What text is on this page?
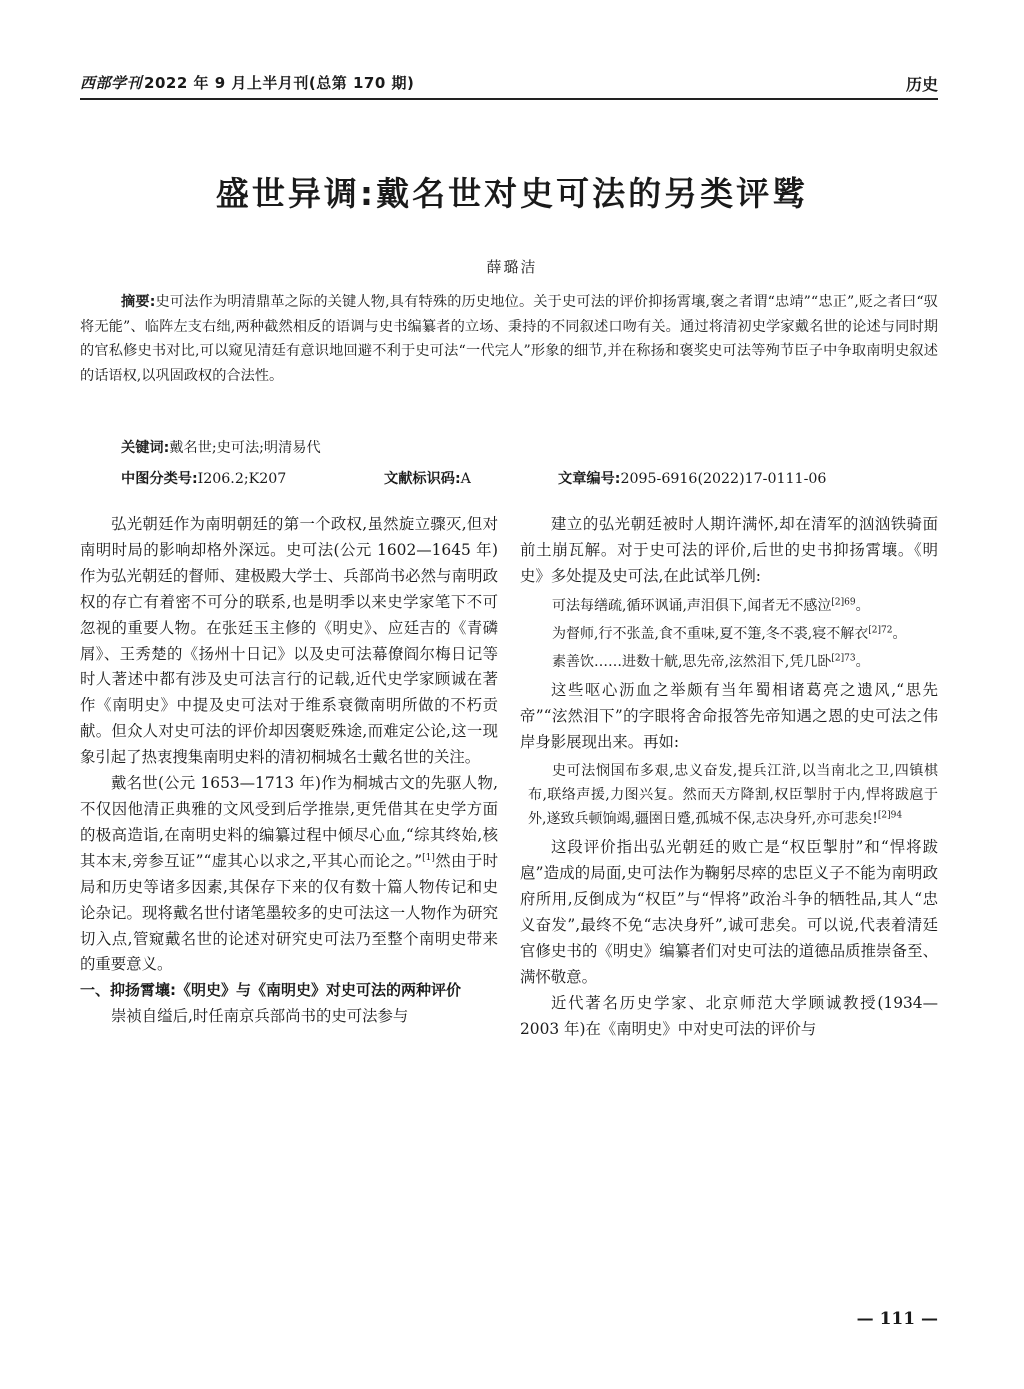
西部学刊 2022 年 9 月上半月刊(总第 170 期)	历史
盛世异调:戴名世对史可法的另类评骘
薛璐洁
摘要:史可法作为明清鼎革之际的关键人物,具有特殊的历史地位。关于史可法的评价抑扬霄壤,褒之者谓“忠靖”“忠正”,贬之者曰“驭将无能”、临阵左支右绌,两种截然相反的语调与史书编纂者的立场、秉持的不同叙述口吻有关。通过将清初史学家戴名世的论述与同时期的官私修史书对比,可以窥见清廷有意识地回避不利于史可法“一代完人”形象的细节,并在称扬和褒奖史可法等殉节臣子中争取南明史叙述的话语权,以巩固政权的合法性。
关键词:戴名世;史可法;明清易代
中图分类号:I206.2;K207	文献标识码:A	文章编号:2095-6916(2022)17-0111-06

弘光朝廷作为南明朝廷的第一个政权,虽然旋立骤灭,但对南明时局的影响却格外深远。史可法(公元 1602—1645 年)作为弘光朝廷的督师、建极殿大学士、兵部尚书必然与南明政权的存亡有着密不可分的联系,也是明季以来史学家笔下不可忽视的重要人物。在张廷玉主修的《明史》、应廷吉的《青磷屑》、王秀楚的《扬州十日记》以及史可法幕僚阎尔梅日记等时人著述中都有涉及史可法言行的记载,近代史学家顾诚在著作《南明史》中提及史可法对于维系衰微南明所做的不朽贡献。但众人对史可法的评价却因褒贬殊途,而难定公论,这一现象引起了热衷搜集南明史料的清初桐城名士戴名世的关注。

戴名世(公元 1653—1713 年)作为桐城古文的先驱人物,不仅因他清正典雅的文风受到后学推崇,更凭借其在史学方面的极高造诣,在南明史料的编纂过程中倾尽心血,“综其终始,核其本末,旁参互证”“虚其心以求之,平其心而论之。”[1]然由于时局和历史等诸多因素,其保存下来的仅有数十篇人物传记和史论杂记。现将戴名世付诸笔墨较多的史可法这一人物作为研究切入点,管窥戴名世的论述对研究史可法乃至整个南明史带来的重要意义。

一、抑扬霄壤:《明史》与《南明史》对史可法的两种评价

崇祯自缢后,时任南京兵部尚书的史可法参与

建立的弘光朝廷被时人期许满怀,却在清军的汹汹铁骑面前土崩瓦解。对于史可法的评价,后世的史书抑扬霄壤。《明史》多处提及史可法,在此试举几例:

可法每缮疏,循环讽诵,声泪俱下,闻者无不感泣$^{[2]69}$。

为督师,行不张盖,食不重味,夏不箑,冬不裘,寝不解衣$^{[2]72}$。

素善饮……进数十觥,思先帝,泫然泪下,凭几卧$^{[2]73}$。

这些呕心沥血之举颇有当年蜀相诸葛亮之遗风,“思先帝”“泫然泪下”的字眼将舍命报答先帝知遇之恩的史可法之伟岸身影展现出来。再如:

史可法悯国布多艰,忠义奋发,提兵江浒,以当南北之卫,四镇棋布,联络声援,力图兴复。然而天方降割,权臣掣肘于内,悍将跋扈于外,遂致兵顿饷竭,疆圉日蹙,孤城不保,志决身歼,亦可悲矣!$^{[2]94}$

这段评价指出弘光朝廷的败亡是“权臣掣肘”和“悍将跋扈”造成的局面,史可法作为鞠躬尽瘁的忠臣义子不能为南明政府所用,反倒成为“权臣”与“悍将”政治斗争的牺牲品,其人“忠义奋发”,最终不免“志决身歼”,诚可悲矣。可以说,代表着清廷官修史书的《明史》编纂者们对史可法的道德品质推崇备至、满怀敬意。

近代著名历史学家、北京师范大学顾诚教授(1934—2003 年)在《南明史》中对史可法的评价与

— 111 —
